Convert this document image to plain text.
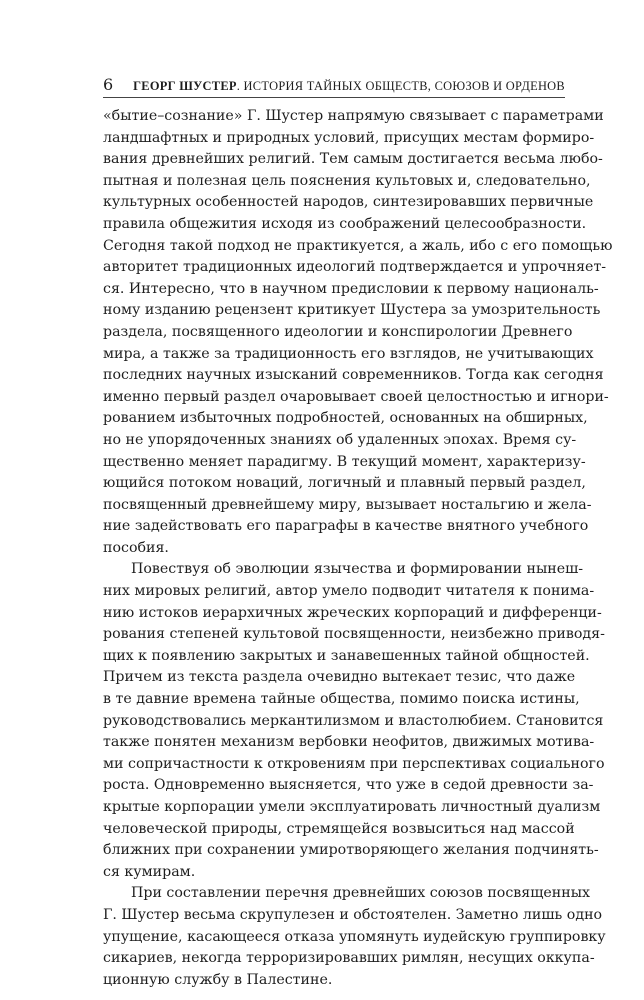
6 ГЕОРГ ШУСТЕР. ИСТОРИЯ ТАЙНЫХ ОБЩЕСТВ, СОЮЗОВ И ОРДЕНОВ
«бытие–сознание» Г. Шустер напрямую связывает с параметрами
ландшафтных и природных условий, присущих местам формиро-
вания древнейших религий. Тем самым достигается весьма любо-
пытная и полезная цель пояснения культовых и, следовательно,
культурных особенностей народов, синтезировавших первичные
правила общежития исходя из соображений целесообразности.
Сегодня такой подход не практикуется, а жаль, ибо с его помощью
авторитет традиционных идеологий подтверждается и упрочняет-
ся. Интересно, что в научном предисловии к первому националь-
ному изданию рецензент критикует Шустера за умозрительность
раздела, посвященного идеологии и конспирологии Древнего
мира, а также за традиционность его взглядов, не учитывающих
последних научных изысканий современников. Тогда как сегодня
именно первый раздел очаровывает своей целостностью и игнори-
рованием избыточных подробностей, основанных на обширных,
но не упорядоченных знаниях об удаленных эпохах. Время су-
щественно меняет парадигму. В текущий момент, характеризу-
ющийся потоком новаций, логичный и плавный первый раздел,
посвященный древнейшему миру, вызывает ностальгию и жела-
ние задействовать его параграфы в качестве внятного учебного
пособия.
Повествуя об эволюции язычества и формировании нынеш-
них мировых религий, автор умело подводит читателя к понима-
нию истоков иерархичных жреческих корпораций и дифференци-
рования степеней культовой посвященности, неизбежно приводя-
щих к появлению закрытых и занавешенных тайной общностей.
Причем из текста раздела очевидно вытекает тезис, что даже
в те давние времена тайные общества, помимо поиска истины,
руководствовались меркантилизмом и властолюбием. Становится
также понятен механизм вербовки неофитов, движимых мотива-
ми сопричастности к откровениям при перспективах социального
роста. Одновременно выясняется, что уже в седой древности за-
крытые корпорации умели эксплуатировать личностный дуализм
человеческой природы, стремящейся возвыситься над массой
ближних при сохранении умиротворяющего желания подчинять-
ся кумирам.
При составлении перечня древнейших союзов посвященных
Г. Шустер весьма скрупулезен и обстоятелен. Заметно лишь одно
упущение, касающееся отказа упомянуть иудейскую группировку
сикариев, некогда терроризировавших римлян, несущих оккупа-
ционную службу в Палестине.
